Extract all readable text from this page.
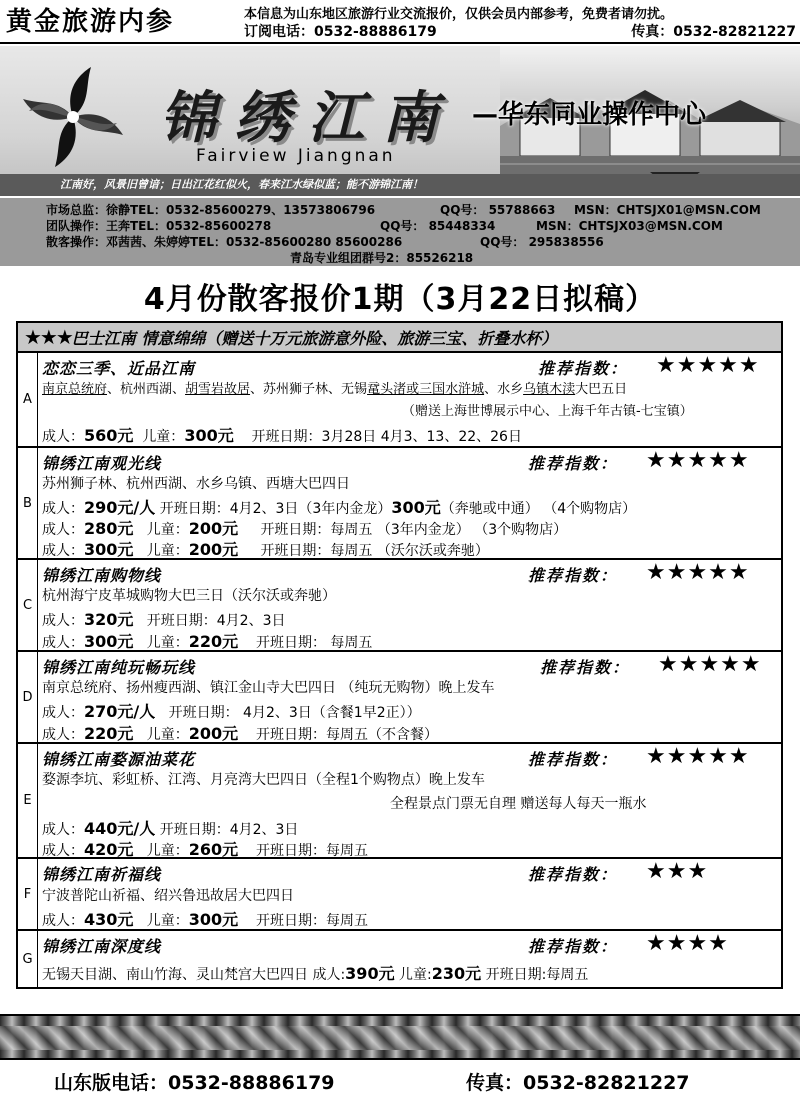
黄金旅游内参	本信息为山东地区旅游行业交流报价，仅供会员内部参考，免费者请勿扰。
订阅电话：0532-88886179	传真：0532-82821227
锦绣江南 —华东同业操作中心
Fairview Jiangnan
江南好，风景旧曾谙；日出江花红似火，春来江水绿似蓝；能不游锦江南！
市场总监：徐静TEL：0532-85600279、13573806796	QQ号： 55788663 MSN：CHTSJX01@MSN.COM
团队操作：王奔TEL：0532-85600278	QQ号： 85448334	MSN：CHTSJX03@MSN.COM
散客操作：邓茜茜、朱婷婷TEL：0532-85600280 85600286	QQ号： 295838556
青岛专业组团群号2：85526218
4月份散客报价1期（3月22日拟稿）
★★★巴士江南 情意绵绵（赠送十万元旅游意外险、旅游三宝、折叠水杯）
A
恋恋三季、近品江南	推荐指数： ★★★★★
南京总统府、杭州西湖、胡雪岩故居、苏州狮子林、无锡鼋头渚或三国水浒城、水乡乌镇木渎大巴五日
（赠送上海世博展示中心、上海千年古镇-七宝镇）
成人：560元 儿童：300元 开班日期：3月28日 4月3、13、22、26日
B
锦绣江南观光线	推荐指数： ★★★★★
苏州狮子林、杭州西湖、水乡乌镇、西塘大巴四日
成人：290元/人 开班日期：4月2、3日（3年内金龙）300元（奔驰或中通） （4个购物店）
成人：280元 儿童：200元 开班日期：每周五 （3年内金龙） （3个购物店）
成人：300元 儿童：200元 开班日期：每周五 （沃尔沃或奔驰）
C
锦绣江南购物线	推荐指数： ★★★★★
杭州海宁皮革城购物大巴三日（沃尔沃或奔驰）
成人：320元 开班日期：4月2、3日
成人：300元 儿童：220元 开班日期： 每周五
D
锦绣江南纯玩畅玩线	推荐指数： ★★★★★
南京总统府、扬州瘦西湖、镇江金山寺大巴四日 （纯玩无购物）晚上发车
成人：270元/人 开班日期： 4月2、3日（含餐1早2正））
成人：220元 儿童：200元 开班日期：每周五（不含餐）
E
锦绣江南婺源油菜花	推荐指数： ★★★★★
婺源李坑、彩虹桥、江湾、月亮湾大巴四日（全程1个购物点）晚上发车
全程景点门票无自理 赠送每人每天一瓶水
成人：440元/人 开班日期：4月2、3日
成人：420元 儿童：260元 开班日期：每周五
F
锦绣江南祈福线	推荐指数： ★★★
宁波普陀山祈福、绍兴鲁迅故居大巴四日
成人：430元 儿童：300元 开班日期：每周五
G
锦绣江南深度线	推荐指数： ★★★★
无锡天目湖、南山竹海、灵山梵宫大巴四日 成人:390元 儿童:230元 开班日期:每周五
山东版电话：0532-88886179	传真：0532-82821227
